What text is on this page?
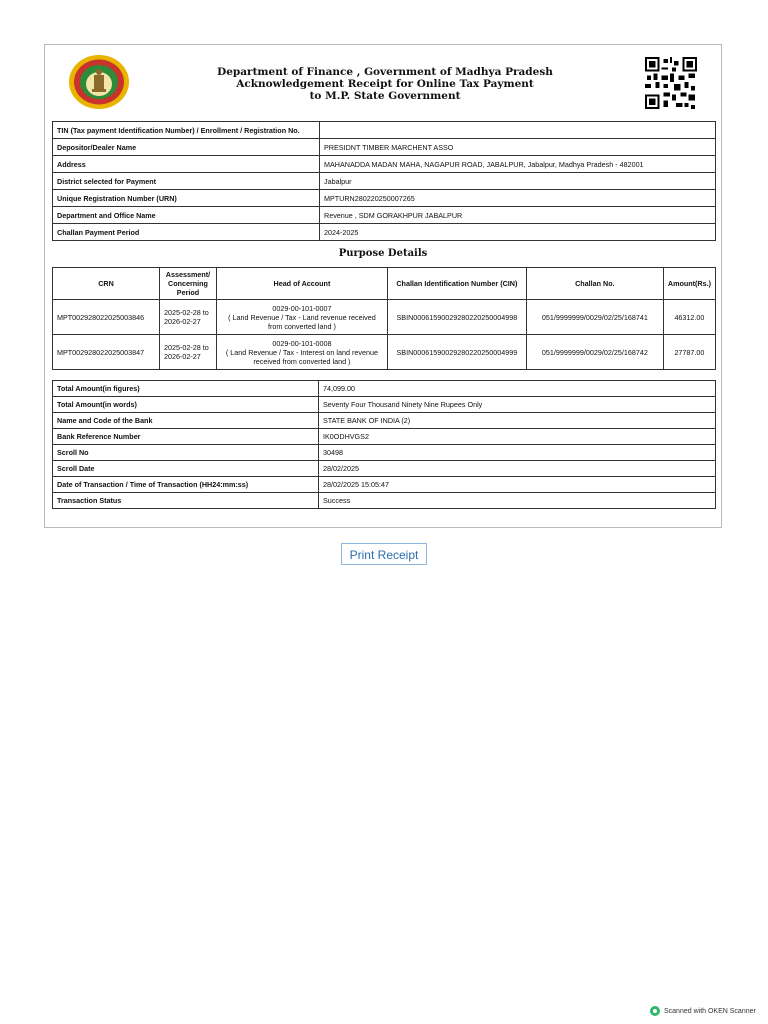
Department of Finance , Government of Madhya Pradesh
Acknowledgement Receipt for Online Tax Payment
to M.P. State Government
TIN (Tax payment Identification Number) / Enrollment / Registration No.	
Depositor/Dealer Name	PRESIDNT TIMBER MARCHENT ASSO
Address	MAHANADDA MADAN MAHA, NAGAPUR ROAD, JABALPUR, Jabalpur, Madhya Pradesh - 482001
District selected for Payment	Jabalpur
Unique Registration Number (URN)	MPTURN280220250007265
Department and Office Name	Revenue , SDM GORAKHPUR JABALPUR
Challan Payment Period	2024-2025
Purpose Details
CRN	Assessment/ Concerning Period	Head of Account	Challan Identification Number (CIN)	Challan No.	Amount(Rs.)
MPT002928022025003846	2025-02-28 to 2026-02-27	0029-00-101-0007
( Land Revenue / Tax - Land revenue received from converted land )	SBIN00061590029280220250004998	051/9999999/0029/02/25/168741	46312.00
MPT002928022025003847	2025-02-28 to 2026-02-27	0029-00-101-0008
( Land Revenue / Tax - Interest on land revenue received from converted land )	SBIN00061590029280220250004999	051/9999999/0029/02/25/168742	27787.00
Total Amount(in figures)	74,099.00
Total Amount(in words)	Seventy Four Thousand Ninety Nine Rupees Only
Name and Code of the Bank	STATE BANK OF INDIA (2)
Bank Reference Number	IK0ODHVGS2
Scroll No	30498
Scroll Date	28/02/2025
Date of Transaction / Time of Transaction (HH24:mm:ss)	28/02/2025 15:05:47
Transaction Status	Success
Print Receipt
Scanned with OKEN Scanner
